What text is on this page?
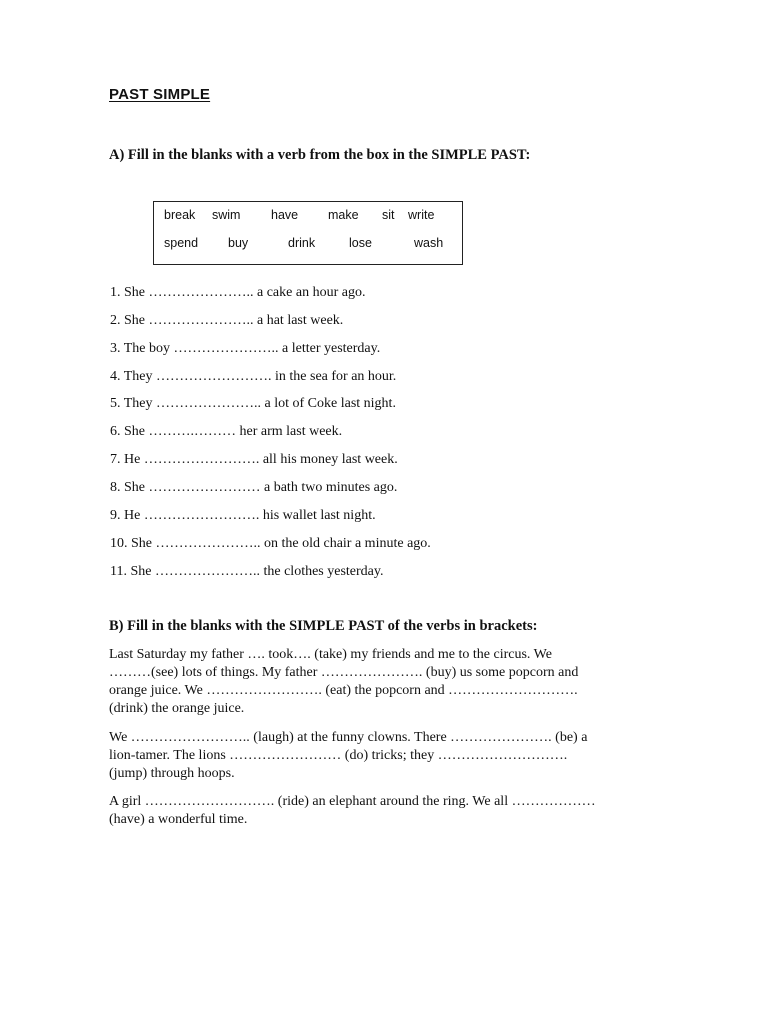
PAST SIMPLE
A) Fill in the blanks with a verb from the box in the SIMPLE PAST:
break swim have make sit write
spend buy	drink	lose	wash
1. She ………………….. a cake an hour ago.
2. She ………………….. a hat last week.
3. The boy ………………….. a letter yesterday.
4. They ……………………. in the sea for an hour.
5. They ………………….. a lot of Coke last night.
6. She ……….……… her arm last week.
7. He ……………………. all his money last week.
8. She …………………… a bath two minutes ago.
9. He ……………………. his wallet last night.
10. She ………………….. on the old chair a minute ago.
11. She ………………….. the clothes yesterday.
B) Fill in the blanks with the SIMPLE PAST of the verbs in brackets:
Last Saturday my father …. took…. (take) my friends and me to the circus. We
………(see) lots of things. My father …………………. (buy) us some popcorn and
orange juice. We ……………………. (eat) the popcorn and ……………………….
(drink) the orange juice.
We …………………….. (laugh) at the funny clowns. There …………………. (be) a
lion-tamer. The lions …………………… (do) tricks; they ……………………….
(jump) through hoops.
A girl ………………………. (ride) an elephant around the ring. We all ………………
(have) a wonderful time.
